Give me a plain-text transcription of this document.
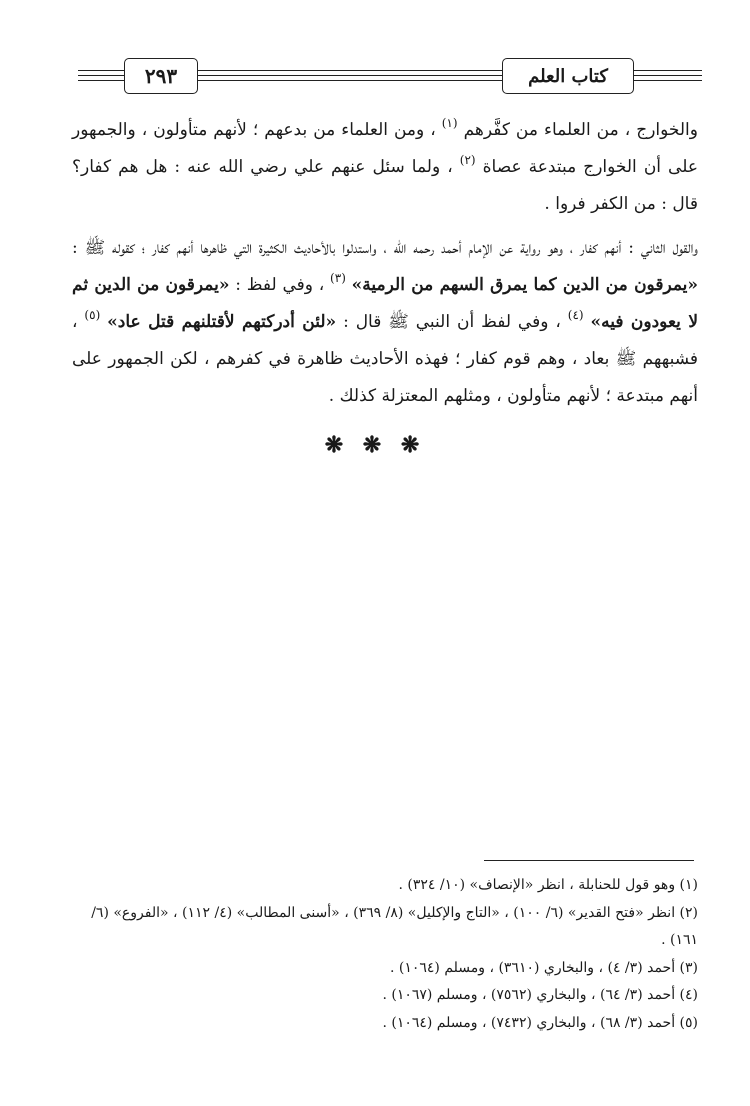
٢٩٣	كتاب العلم

والخوارج ، من العلماء من كفَّرهم $^{(١)}$ ، ومن العلماء من بدعهم ؛ لأنهم متأولون ، والجمهور على أن الخوارج مبتدعة عصاة $^{(٢)}$ ، ولما سئل عنهم علي رضي الله عنه : هل هم كفار؟ قال : من الكفر فروا .

والقول الثاني : أنهم كفار ، وهو رواية عن الإمام أحمد رحمه الله ، واستدلوا بالأحاديث الكثيرة التي ظاهرها أنهم كفار ؛ كقوله ﷺ : «يمرقون من الدين كما يمرق السهم من الرمية» $^{(٣)}$ ، وفي لفظ : «يمرقون من الدين ثم لا يعودون فيه» $^{(٤)}$ ، وفي لفظ أن النبي ﷺ قال : «لئن أدركتهم لأقتلنهم قتل عاد» $^{(٥)}$ ، فشبههم ﷺ بعاد ، وهم قوم كفار ؛ فهذه الأحاديث ظاهرة في كفرهم ، لكن الجمهور على أنهم مبتدعة ؛ لأنهم متأولون ، ومثلهم المعتزلة كذلك .

❋ ❋ ❋
(١) وهو قول للحنابلة ، انظر «الإنصاف» (١٠/ ٣٢٤) .
(٢) انظر «فتح القدير» (٦/ ١٠٠) ، «التاج والإكليل» (٨/ ٣٦٩) ، «أسنى المطالب» (٤/ ١١٢) ، «الفروع» (٦/ ١٦١) .
(٣) أحمد (٣/ ٤) ، والبخاري (٣٦١٠) ، ومسلم (١٠٦٤) .
(٤) أحمد (٣/ ٦٤) ، والبخاري (٧٥٦٢) ، ومسلم (١٠٦٧) .
(٥) أحمد (٣/ ٦٨) ، والبخاري (٧٤٣٢) ، ومسلم (١٠٦٤) .
